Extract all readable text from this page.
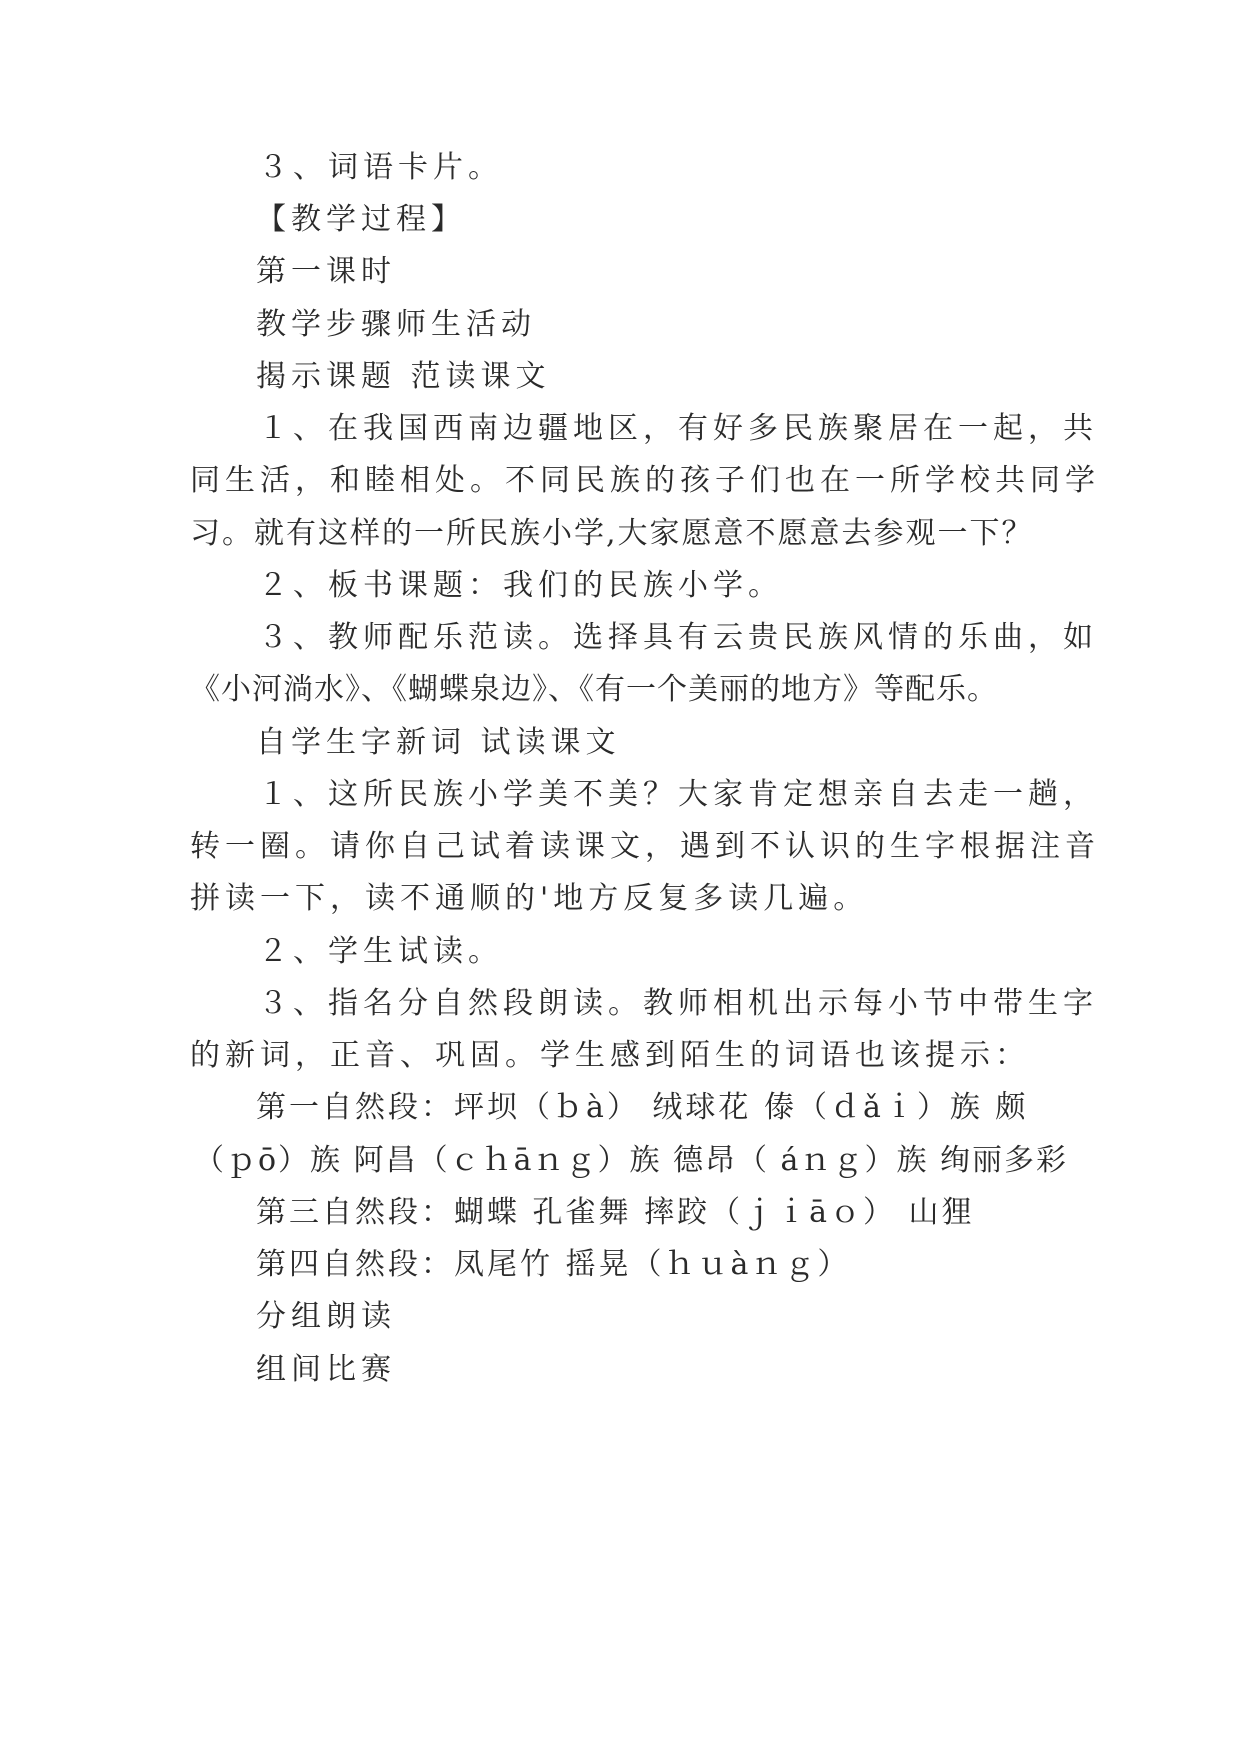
３、词语卡片。
【教学过程】
第一课时
教学步骤师生活动
揭示课题 范读课文
１、在我国西南边疆地区，有好多民族聚居在一起，共
同生活，和睦相处。不同民族的孩子们也在一所学校共同学
习。就有这样的一所民族小学,大家愿意不愿意去参观一下？
２、板书课题：我们的民族小学。
３、教师配乐范读。选择具有云贵民族风情的乐曲，如
《小河淌水》、《蝴蝶泉边》、《有一个美丽的地方》等配乐。
自学生字新词 试读课文
１、这所民族小学美不美？大家肯定想亲自去走一趟，
转一圈。请你自己试着读课文，遇到不认识的生字根据注音
拼读一下，读不通顺的'地方反复多读几遍。
２、学生试读。
３、指名分自然段朗读。教师相机出示每小节中带生字
的新词，正音、巩固。学生感到陌生的词语也该提示：
第一自然段：坪坝（ｂà） 绒球花 傣（ｄǎｉ）族 颇
（ｐō）族 阿昌（ｃｈāｎｇ）族 德昂（ áｎｇ）族 绚丽多彩
第三自然段：蝴蝶 孔雀舞 摔跤（ｊｉāｏ） 山狸
第四自然段：凤尾竹 摇晃（ｈｕàｎｇ）
分组朗读
组间比赛
